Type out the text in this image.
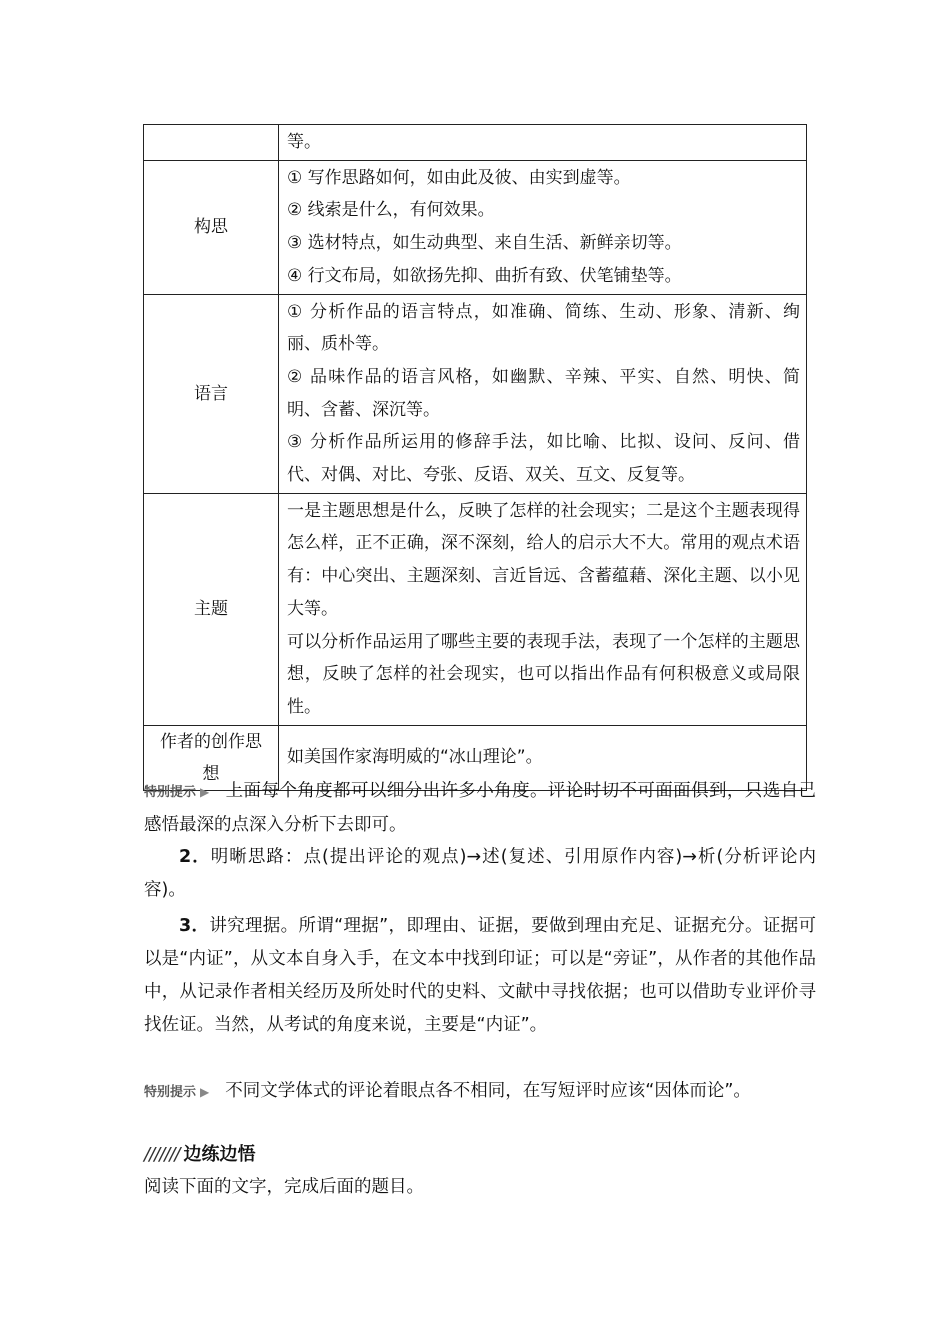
	等。

构思	① 写作思路如何，如由此及彼、由实到虚等。

② 线索是什么，有何效果。

③ 选材特点，如生动典型、来自生活、新鲜亲切等。

④ 行文布局，如欲扬先抑、曲折有致、伏笔铺垫等。

语言	① 分析作品的语言特点，如准确、简练、生动、形象、清新、绚丽、质朴等。

② 品味作品的语言风格，如幽默、辛辣、平实、自然、明快、简明、含蓄、深沉等。

③ 分析作品所运用的修辞手法，如比喻、比拟、设问、反问、借代、对偶、对比、夸张、反语、双关、互文、反复等。

主题	一是主题思想是什么，反映了怎样的社会现实；二是这个主题表现得怎么样，正不正确，深不深刻，给人的启示大不大。常用的观点术语有：中心突出、主题深刻、言近旨远、含蓄蕴藉、深化主题、以小见大等。

可以分析作品运用了哪些主要的表现手法，表现了一个怎样的主题思想，反映了怎样的社会现实，也可以指出作品有何积极意义或局限性。

作者的创作思想	如美国作家海明威的“冰山理论”。

特别提示 ▶ 上面每个角度都可以细分出许多小角度。评论时切不可面面俱到，只选自己感悟最深的点深入分析下去即可。

2．明晰思路：点(提出评论的观点)→述(复述、引用原作内容)→析(分析评论内容)。

3．讲究理据。所谓“理据”，即理由、证据，要做到理由充足、证据充分。证据可以是“内证”，从文本自身入手，在文本中找到印证；可以是“旁证”，从作者的其他作品中，从记录作者相关经历及所处时代的史料、文献中寻找依据；也可以借助专业评价寻找佐证。当然，从考试的角度来说，主要是“内证”。

特别提示 ▶ 不同文学体式的评论着眼点各不相同，在写短评时应该“因体而论”。

/////// 边练边悟

阅读下面的文字，完成后面的题目。
